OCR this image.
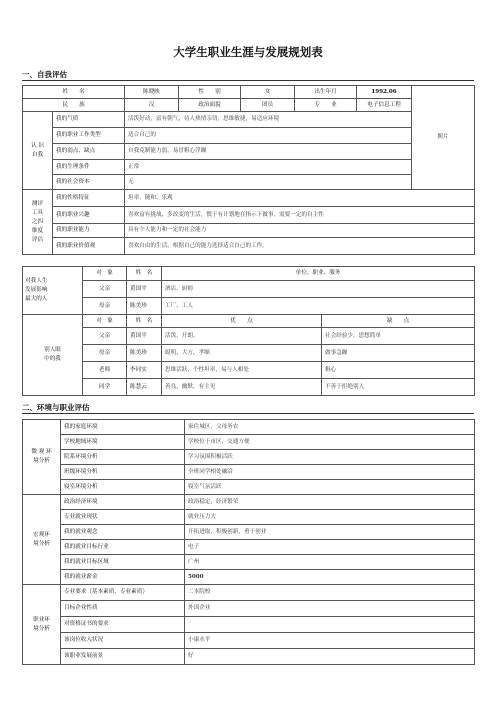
大学生职业生涯与发展规划表
一、自我评估
姓　　名		陈晓映	性　　别	女	出生年月	1992.06	照片
民　　族		汉	政治面貌	团员	专　　业	电子信息工程	
认 识
自我	我的气质	活泼好动，富有朝气，待人热情亲切，思维敏捷，易适应环境					
	我的职业工作类型	适合自己的					
	我的弱点、缺点	自我克制能力弱，易冒粗心浮躁					
	我的生理条件	正常					
	我的社会资本	无					
测评
工具
之四
维度
评估	我的性格特征	坦率、随和、乐观					
	我的职业兴趣	喜欢富有挑战，多改变的生活，惯于有计划地在指示下做事，需要一定的自主性					
	我的职业能力	具有个人能力和一定的社会能力					
	我的职业价值观	喜欢自由的生活，根据自己的能力选择适合自己的工作。					
对我人生
发展影响
最大的人	对　象	姓　名	单位、职业、服务	
	父亲	黄国平	酒店、厨师	
	母亲	陈美珍	工厂、工人	
别人眼
中的我	对　象	姓　名	优　　点	缺　　点
	父亲	黄国平	活泼，开朗。	社会经验少，思想简单
	母亲	陈美珍	聪明，大方，孝顺	做事急躁
	老师	李同实	思维活跃，个性坦率，易与人相处	粗心
	同学	陈慧云	善良，幽默，有主见	不善于拒绝别人
二、环境与职业评估
微 观 环
境分析	我的家庭环境	家住城区，父母务农
	学校地域环境	学校位于市区，交通方便
	院系环境分析	学习氛围积极活跃
	班级环境分析	全班同学相处融洽
	寝室环境分析	寝室气氛活跃
宏观环
境分析	政治经济环境	政治稳定，经济繁荣
	专业就业现状	就业压力大
	我的就业观念	开拓进取，积极创新，勇于创业
	我的就业目标行业	电子
	我的就业目标区域	广州
	我的就业薪金	5000
职业环
境分析	专业要求（基本素质、专业素质）	二本院校
	目标企业性质	外国企业
	对资格证书的要求	
	该岗位收入状况	小康水平
	该职业发展前景	好
